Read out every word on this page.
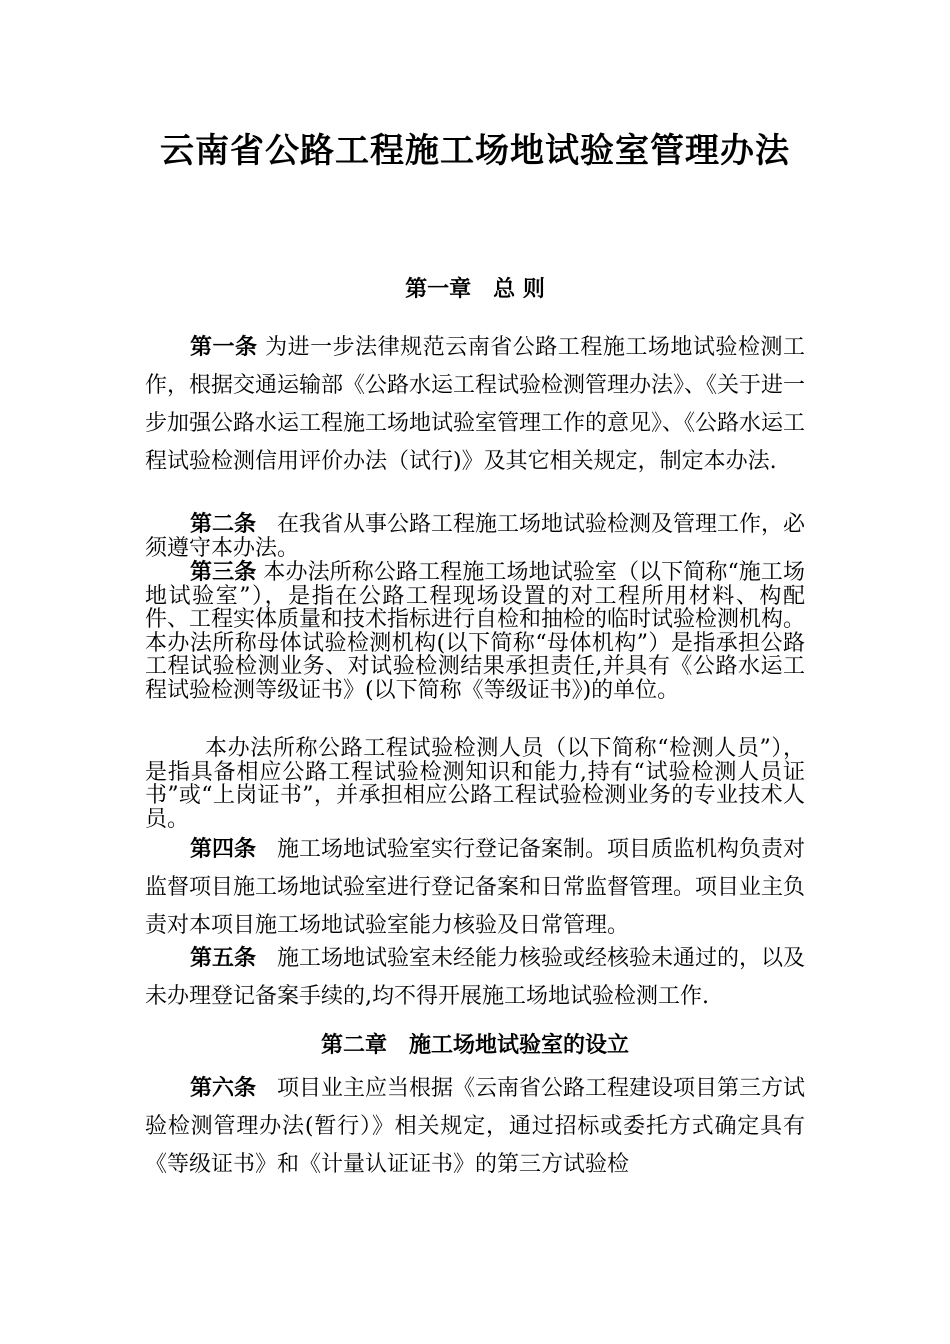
云南省公路工程施工场地试验室管理办法
第一章　总 则

第一条 为进一步法律规范云南省公路工程施工场地试验检测工作，根据交通运输部《公路水运工程试验检测管理办法》、《关于进一步加强公路水运工程施工场地试验室管理工作的意见》、《公路水运工程试验检测信用评价办法（试行)》及其它相关规定，制定本办法.

第二条 在我省从事公路工程施工场地试验检测及管理工作，必须遵守本办法。

第三条 本办法所称公路工程施工场地试验室（以下简称“施工场地试验室”），是指在公路工程现场设置的对工程所用材料、构配件、工程实体质量和技术指标进行自检和抽检的临时试验检测机构。本办法所称母体试验检测机构(以下简称“母体机构”）是指承担公路工程试验检测业务、对试验检测结果承担责任,并具有《公路水运工程试验检测等级证书》(以下简称《等级证书》)的单位。

本办法所称公路工程试验检测人员（以下简称“检测人员”），是指具备相应公路工程试验检测知识和能力,持有“试验检测人员证书”或“上岗证书”，并承担相应公路工程试验检测业务的专业技术人员。

第四条 施工场地试验室实行登记备案制。项目质监机构负责对监督项目施工场地试验室进行登记备案和日常监督管理。项目业主负责对本项目施工场地试验室能力核验及日常管理。

第五条 施工场地试验室未经能力核验或经核验未通过的，以及未办理登记备案手续的,均不得开展施工场地试验检测工作.

第二章　施工场地试验室的设立

第六条 项目业主应当根据《云南省公路工程建设项目第三方试验检测管理办法(暂行）》相关规定，通过招标或委托方式确定具有《等级证书》和《计量认证证书》的第三方试验检
